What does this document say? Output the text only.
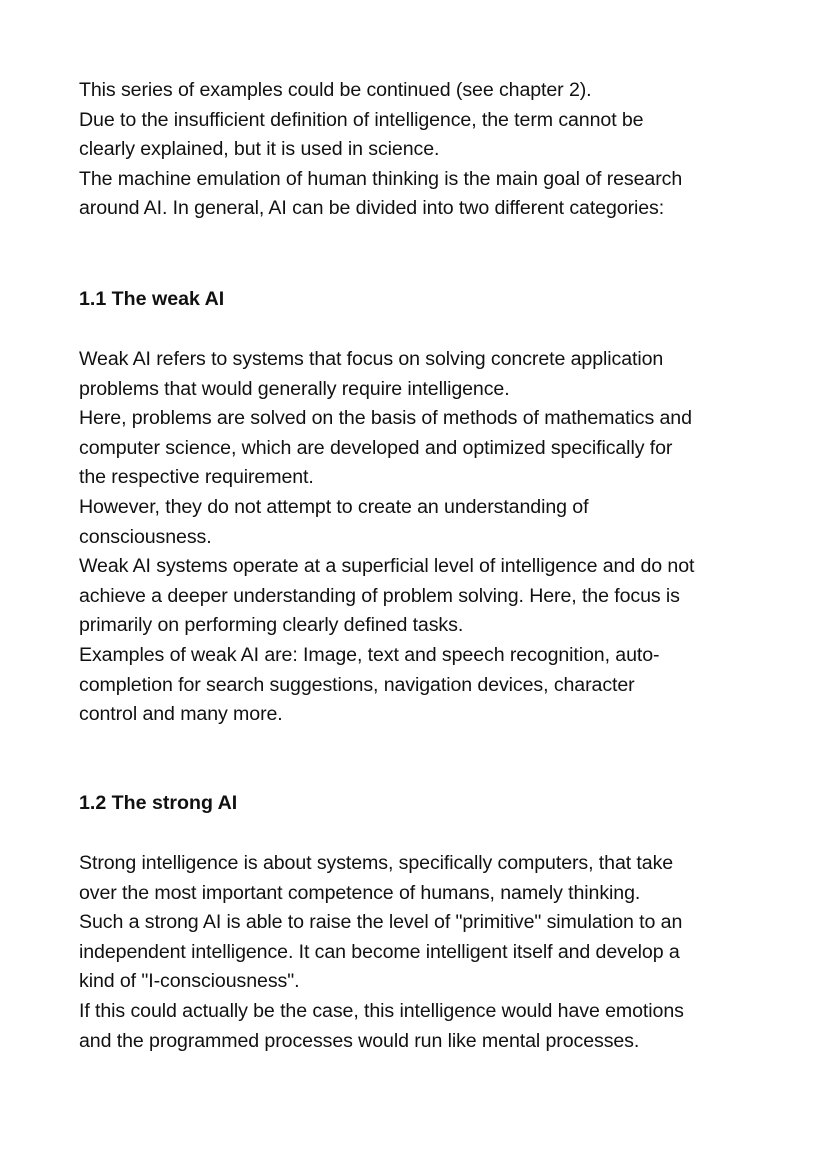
This series of examples could be continued (see chapter 2).
Due to the insufficient definition of intelligence, the term cannot be
clearly explained, but it is used in science.
The machine emulation of human thinking is the main goal of research
around AI. In general, AI can be divided into two different categories:
1.1 The weak AI
Weak AI refers to systems that focus on solving concrete application
problems that would generally require intelligence.
Here, problems are solved on the basis of methods of mathematics and
computer science, which are developed and optimized specifically for
the respective requirement.
However, they do not attempt to create an understanding of
consciousness.
Weak AI systems operate at a superficial level of intelligence and do not
achieve a deeper understanding of problem solving. Here, the focus is
primarily on performing clearly defined tasks.
Examples of weak AI are: Image, text and speech recognition, auto-
completion for search suggestions, navigation devices, character
control and many more.
1.2 The strong AI
Strong intelligence is about systems, specifically computers, that take
over the most important competence of humans, namely thinking.
Such a strong AI is able to raise the level of "primitive" simulation to an
independent intelligence. It can become intelligent itself and develop a
kind of "I-consciousness".
If this could actually be the case, this intelligence would have emotions
and the programmed processes would run like mental processes.
